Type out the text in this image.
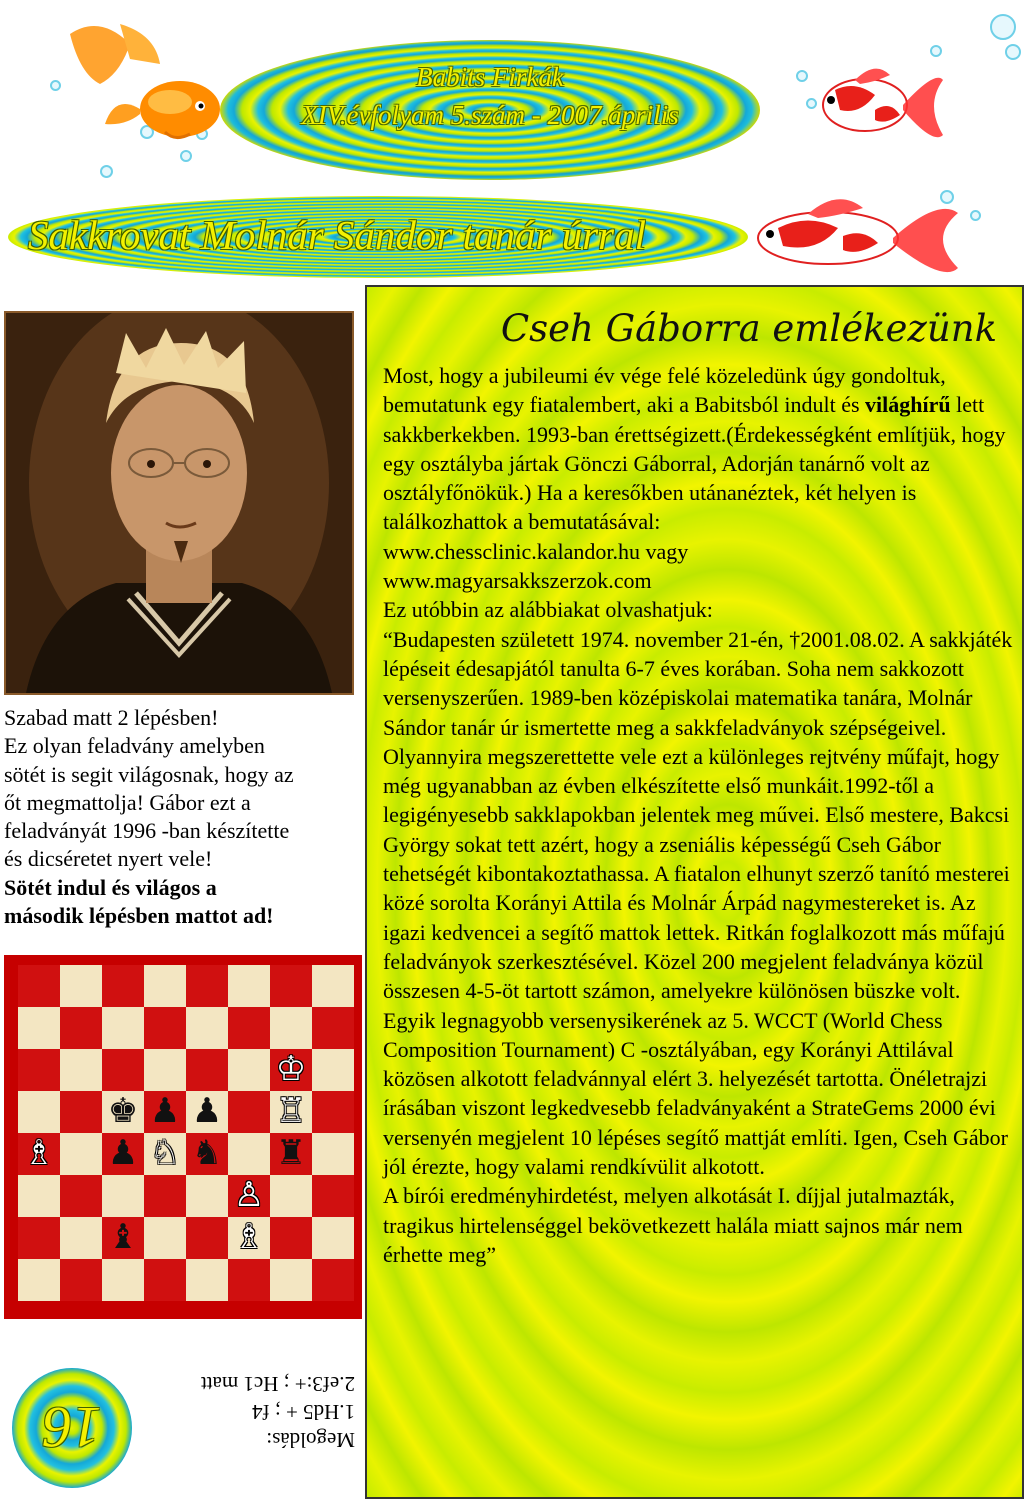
Babits Firkák
XIV.évfolyam 5.szám - 2007.április
Sakkrovat Molnár Sándor tanár úrral
Szabad matt 2 lépésben!
Ez olyan feladvány amelyben
sötét is segit világosnak, hogy az
őt megmattolja! Gábor ezt a
feladványát 1996 -ban készítette
és dicséretet nyert vele!
Sötét indul és világos a
második lépésben mattot ad!
♔
♚ ♟ ♟ ♖
♗ ♟ ♘ ♞ ♜
♙
♝	♗
16	Megoldás:
1.Hd5 + ; f4
2.ef3:+ ; Hc1 matt
Cseh Gáborra emlékezünk

Most, hogy a jubileumi év vége felé közeledünk úgy gondoltuk, bemutatunk egy fiatalembert, aki a Babitsból indult és világhírű lett sakkberkekben. 1993-ban érettségizett.(Érdekességként említjük, hogy egy osztályba jártak Gönczi Gáborral, Adorján tanárnő volt az osztályfőnökük.) Ha a keresőkben utánanéztek, két helyen is találkozhattok a bemutatásával:

www.chessclinic.kalandor.hu vagy

www.magyarsakkszerzok.com

Ez utóbbin az alábbiakat olvashatjuk:

“Budapesten született 1974. november 21-én, †2001.08.02. A sakkjáték lépéseit édesapjától tanulta 6-7 éves korában. Soha nem sakkozott versenyszerűen. 1989-ben középiskolai matematika tanára, Molnár Sándor tanár úr ismertette meg a sakkfeladványok szépségeivel. Olyannyira megszerettette vele ezt a különleges rejtvény műfajt, hogy még ugyanabban az évben elkészítette első munkáit.1992-től a legigényesebb sakklapokban jelentek meg művei. Első mestere, Bakcsi György sokat tett azért, hogy a zseniális képességű Cseh Gábor tehetségét kibontakoztathassa. A fiatalon elhunyt szerző tanító mesterei közé sorolta Korányi Attila és Molnár Árpád nagymestereket is. Az igazi kedvencei a segítő mattok lettek. Ritkán foglalkozott más műfajú feladványok szerkesztésével. Közel 200 megjelent feladványa közül összesen 4-5-öt tartott számon, amelyekre különösen büszke volt. Egyik legnagyobb versenysikerének az 5. WCCT (World Chess Composition Tournament) C -osztályában, egy Korányi Attilával közösen alkotott feladvánnyal elért 3. helyezését tartotta. Önéletrajzi írásában viszont legkedvesebb feladványaként a StrateGems 2000 évi versenyén megjelent 10 lépéses segítő mattját említi. Igen, Cseh Gábor jól érezte, hogy valami rendkívülit alkotott.

A bírói eredményhirdetést, melyen alkotását I. díjjal jutalmazták, tragikus hirtelenséggel bekövetkezett halála miatt sajnos már nem érhette meg”
